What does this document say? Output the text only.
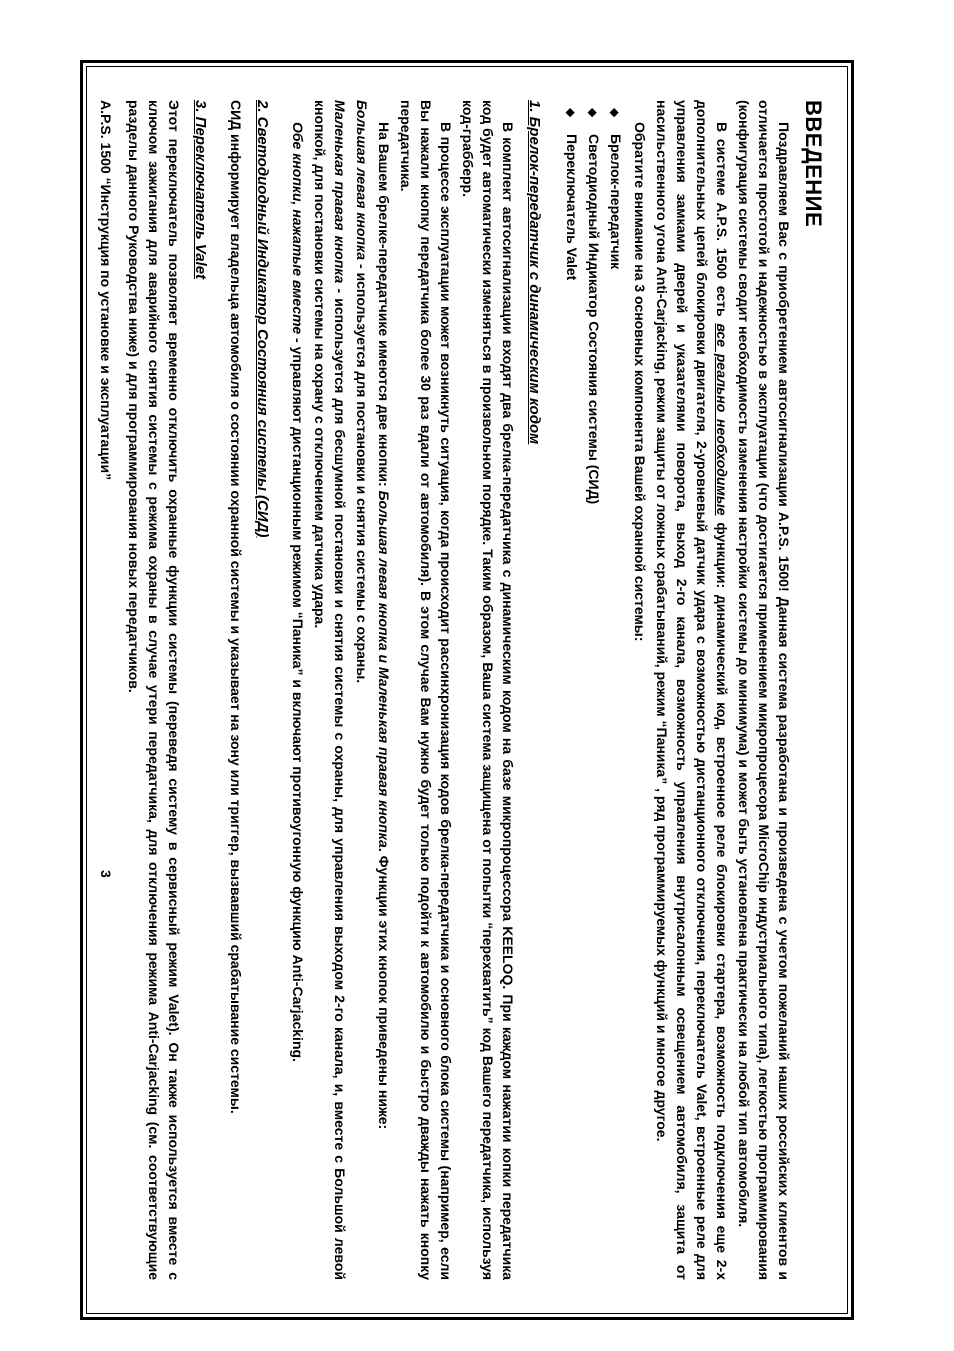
ВВЕДЕНИЕ

Поздравляем Вас с приобретением автосигнализации A.P.S. 1500! Данная система разработана и произведена с учетом пожеланий наших российских клиентов и отличается простотой и надежностью в эксплуатации (что достигается применением микропроцесора MicroChip индустриального типа), легкостью программирования (конфигурация системы сводит необходимость изменения настройки системы до минимума) и может быть установлена практически на любой тип автомобиля.

В системе A.P.S. 1500 есть все реально необходимые функции: динамический код, встроенное реле блокировки стартера, возможность подключения еще 2-х дополнительных цепей блокировки двигателя, 2-уровневый датчик удара с возможностью дистанционного отключения, переключатель Valet, встроенные реле для управления замками дверей и указателями поворота, выход 2-го канала, возможность управления внутрисалонным освещением автомобиля, защита от насильственного угона Anti-Carjacking, режим защиты от ложных срабатываний, режим “Паника” , ряд программируемых функций и многое другое.

Обратите внимание на 3 основных компонента Вашей охранной системы:

◆Брелок-передатчик
◆Светодиодный Индикатор Состояния системы (СИД)
◆Переключатель Valet
1. Брелок-передатчик с динамическим кодом

В комплект автосигнализации входят два брелка-передатчика с динамическим кодом на базе микропроцессора KEELOQ. При каждом нажатии копки передатчика код будет автоматически изменяться в произвольном порядке. Таким образом, Ваша система защищена от попытки “перехватить” код Вашего передатчика, используя код-грабберр.

В процессе эксплуатации может возникнуть ситуация, когда происходит рассинхронизация кодов брелка-передатчика и основного блока системы (например, если Вы нажали кнопку передатчика более 30 раз вдали от автомобиля). В этом случае Вам нужно будет только подойти к автомобилю и быстро дважды нажать кнопку передатчика.

На Вашем брелке-передатчике имеются две кнопки: Большая левая кнопка и Маленькая правая кнопка. Функции этих кнопок приведены ниже:

Большая левая кнопка - используется для постановки и снятия системы с охраны.

Маленькая правая кнопка - используется для бесшумной постановки и снятия системы с охраны, для управления выходом 2-го канала, и, вместе с Большой левой кнопкой, для постановки системы на охрану с отключением датчика удара.

Обе кнопки, нажатые вместе - управляют дистанционным режимом “Паника” и включают противоугонную функцию Anti-Carjacking.

2. Светодиодный Индикатор Состояния системы (СИД)

СИД информирует владельца автомобиля о состоянии охранной системы и указывает на зону или триггер, вызвавший срабатывание системы.

3. Переключатель Valet

Этот переключатель позволяет временно отключить охранные функции системы (переведя систему в сервисный режим Valet). Он также используется вместе с ключом зажигания для аварийного снятия системы с режима охраны в случае утери передатчика, для отключения режима Anti-Carjacking (см. соответствующие разделы данного Руководства ниже) и для программирования новых передатчиков.

A.P.S. 1500 “Инструкция по установке и эксплуатации”
3
